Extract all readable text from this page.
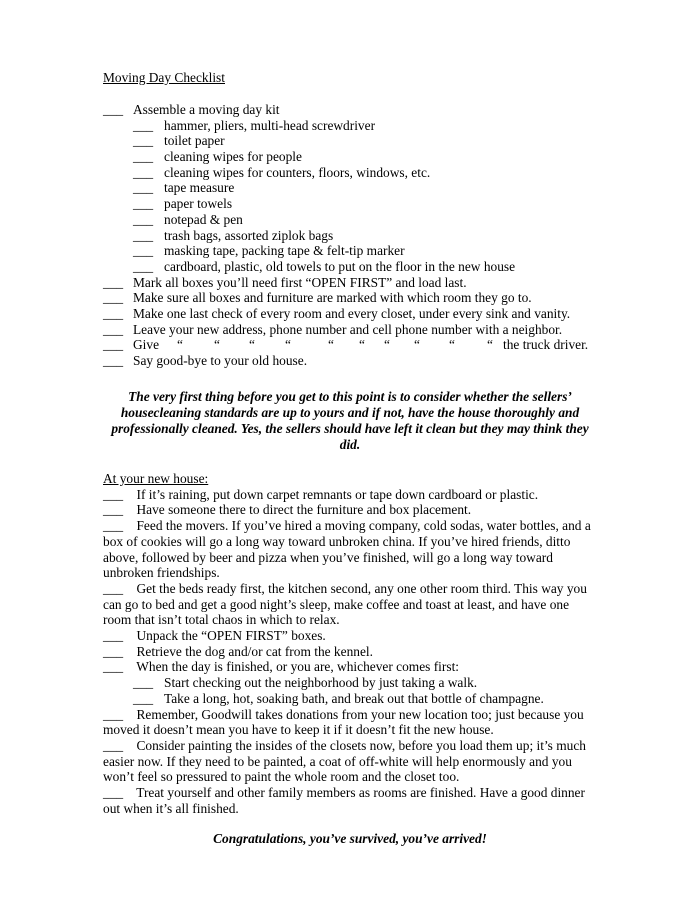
Moving Day Checklist
___ Assemble a moving day kit
___ hammer, pliers, multi-head screwdriver
___ toilet paper
___ cleaning wipes for people
___ cleaning wipes for counters, floors, windows, etc.
___ tape measure
___ paper towels
___ notepad & pen
___ trash bags, assorted ziplok bags
___ masking tape, packing tape & felt-tip marker
___ cardboard, plastic, old towels to put on the floor in the new house
___ Mark all boxes you’ll need first “OPEN FIRST” and load last.
___ Make sure all boxes and furniture are marked with which room they go to.
___ Make one last check of every room and every closet, under every sink and vanity.
___ Leave your new address, phone number and cell phone number with a neighbor.
___ Give “ “ “ “	“ “ “ “ “ “ the truck driver.
___ Say good-bye to your old house.

The very first thing before you get to this point is to consider whether the sellers’ housecleaning standards are up to yours and if not, have the house thoroughly and professionally cleaned. Yes, the sellers should have left it clean but they may think they did.

At your new house:

___ If it’s raining, put down carpet remnants or tape down cardboard or plastic.

___ Have someone there to direct the furniture and box placement.

___ Feed the movers. If you’ve hired a moving company, cold sodas, water bottles, and a box of cookies will go a long way toward unbroken china. If you’ve hired friends, ditto above, followed by beer and pizza when you’ve finished, will go a long way toward unbroken friendships.

___ Get the beds ready first, the kitchen second, any one other room third. This way you can go to bed and get a good night’s sleep, make coffee and toast at least, and have one room that isn’t total chaos in which to relax.

___ Unpack the “OPEN FIRST” boxes.

___ Retrieve the dog and/or cat from the kennel.

___ When the day is finished, or you are, whichever comes first:

___ Start checking out the neighborhood by just taking a walk.
___ Take a long, hot, soaking bath, and break out that bottle of champagne.

___ Remember, Goodwill takes donations from your new location too; just because you moved it doesn’t mean you have to keep it if it doesn’t fit the new house.

___ Consider painting the insides of the closets now, before you load them up; it’s much easier now. If they need to be painted, a coat of off-white will help enormously and you won’t feel so pressured to paint the whole room and the closet too.

___ Treat yourself and other family members as rooms are finished. Have a good dinner out when it’s all finished.

Congratulations, you’ve survived, you’ve arrived!
